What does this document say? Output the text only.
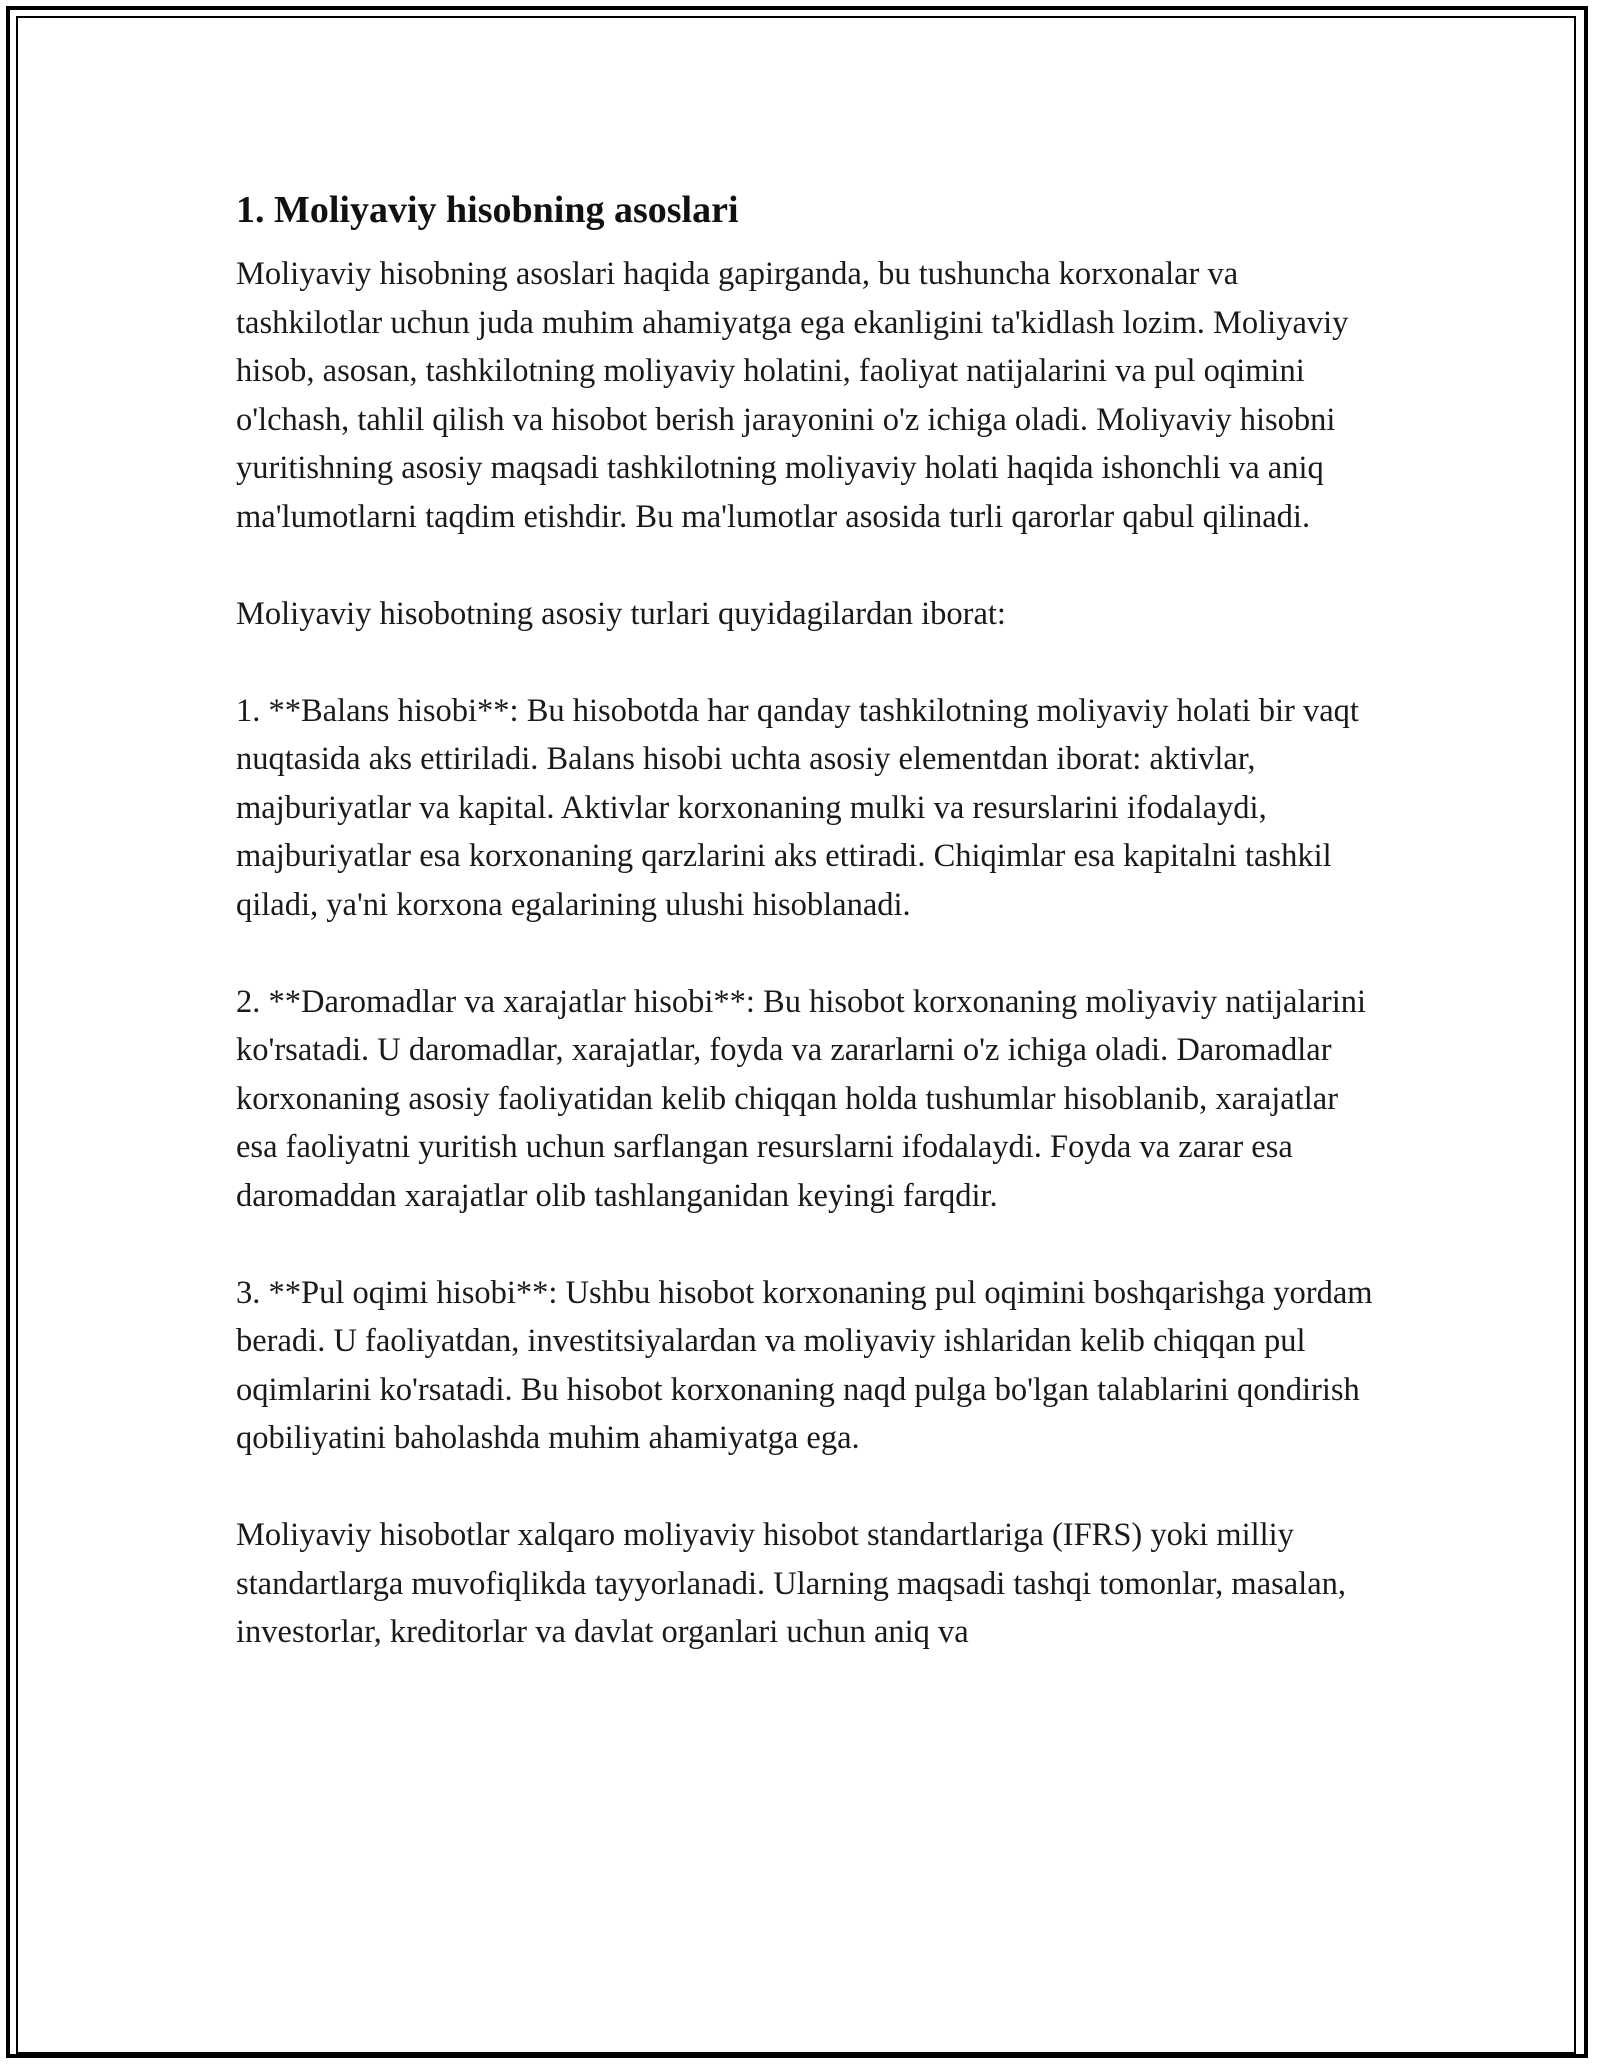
1. Moliyaviy hisobning asoslari

Moliyaviy hisobning asoslari haqida gapirganda, bu tushuncha korxonalar va tashkilotlar uchun juda muhim ahamiyatga ega ekanligini ta'kidlash lozim. Moliyaviy hisob, asosan, tashkilotning moliyaviy holatini, faoliyat natijalarini va pul oqimini o'lchash, tahlil qilish va hisobot berish jarayonini o'z ichiga oladi. Moliyaviy hisobni yuritishning asosiy maqsadi tashkilotning moliyaviy holati haqida ishonchli va aniq ma'lumotlarni taqdim etishdir. Bu ma'lumotlar asosida turli qarorlar qabul qilinadi.

Moliyaviy hisobotning asosiy turlari quyidagilardan iborat:

1. **Balans hisobi**: Bu hisobotda har qanday tashkilotning moliyaviy holati bir vaqt nuqtasida aks ettiriladi. Balans hisobi uchta asosiy elementdan iborat: aktivlar, majburiyatlar va kapital. Aktivlar korxonaning mulki va resurslarini ifodalaydi, majburiyatlar esa korxonaning qarzlarini aks ettiradi. Chiqimlar esa kapitalni tashkil qiladi, ya'ni korxona egalarining ulushi hisoblanadi.

2. **Daromadlar va xarajatlar hisobi**: Bu hisobot korxonaning moliyaviy natijalarini ko'rsatadi. U daromadlar, xarajatlar, foyda va zararlarni o'z ichiga oladi. Daromadlar korxonaning asosiy faoliyatidan kelib chiqqan holda tushumlar hisoblanib, xarajatlar esa faoliyatni yuritish uchun sarflangan resurslarni ifodalaydi. Foyda va zarar esa daromaddan xarajatlar olib tashlanganidan keyingi farqdir.

3. **Pul oqimi hisobi**: Ushbu hisobot korxonaning pul oqimini boshqarishga yordam beradi. U faoliyatdan, investitsiyalardan va moliyaviy ishlaridan kelib chiqqan pul oqimlarini ko'rsatadi. Bu hisobot korxonaning naqd pulga bo'lgan talablarini qondirish qobiliyatini baholashda muhim ahamiyatga ega.

Moliyaviy hisobotlar xalqaro moliyaviy hisobot standartlariga (IFRS) yoki milliy standartlarga muvofiqlikda tayyorlanadi. Ularning maqsadi tashqi tomonlar, masalan, investorlar, kreditorlar va davlat organlari uchun aniq va
